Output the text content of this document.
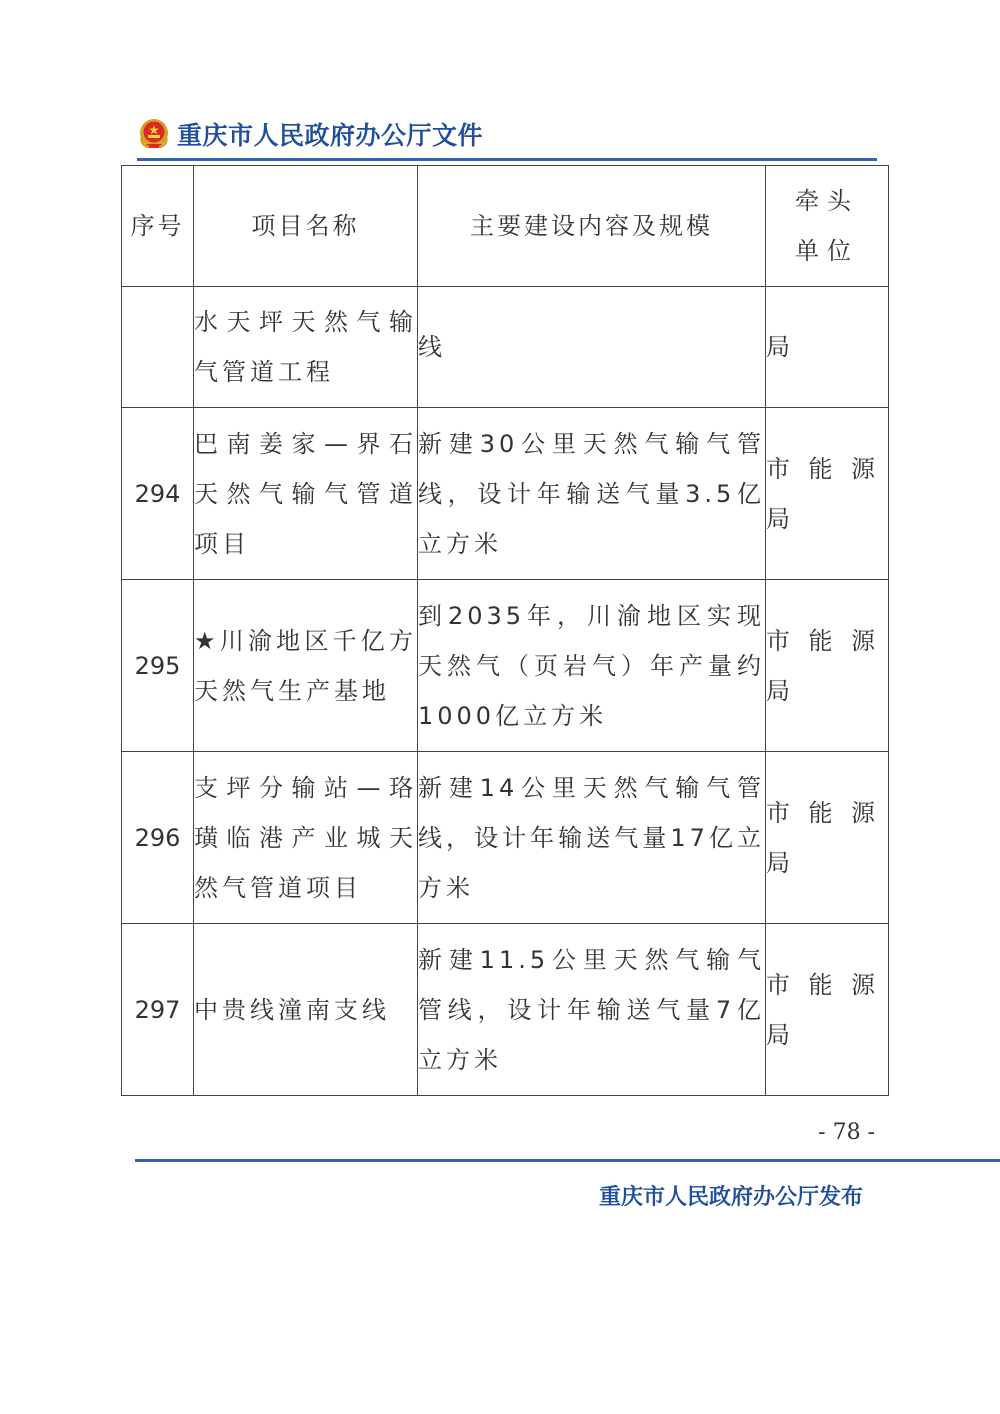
重庆市人民政府办公厅文件
序号	项目名称	主要建设内容及规模	牵头单位
	水天坪天然气输气管道工程	线	局
294	巴南姜家—界石天然气输气管道项目	新建30公里天然气输气管线，设计年输送气量3.5亿立方米	市能源局
295	★川渝地区千亿方天然气生产基地	到2035年，川渝地区实现天然气（页岩气）年产量约1000亿立方米	市能源局
296	支坪分输站—珞璜临港产业城天然气管道项目	新建14公里天然气输气管线，设计年输送气量17亿立方米	市能源局
297	中贵线潼南支线	新建11.5公里天然气输气管线，设计年输送气量7亿立方米	市能源局
- 78 -
重庆市人民政府办公厅发布
